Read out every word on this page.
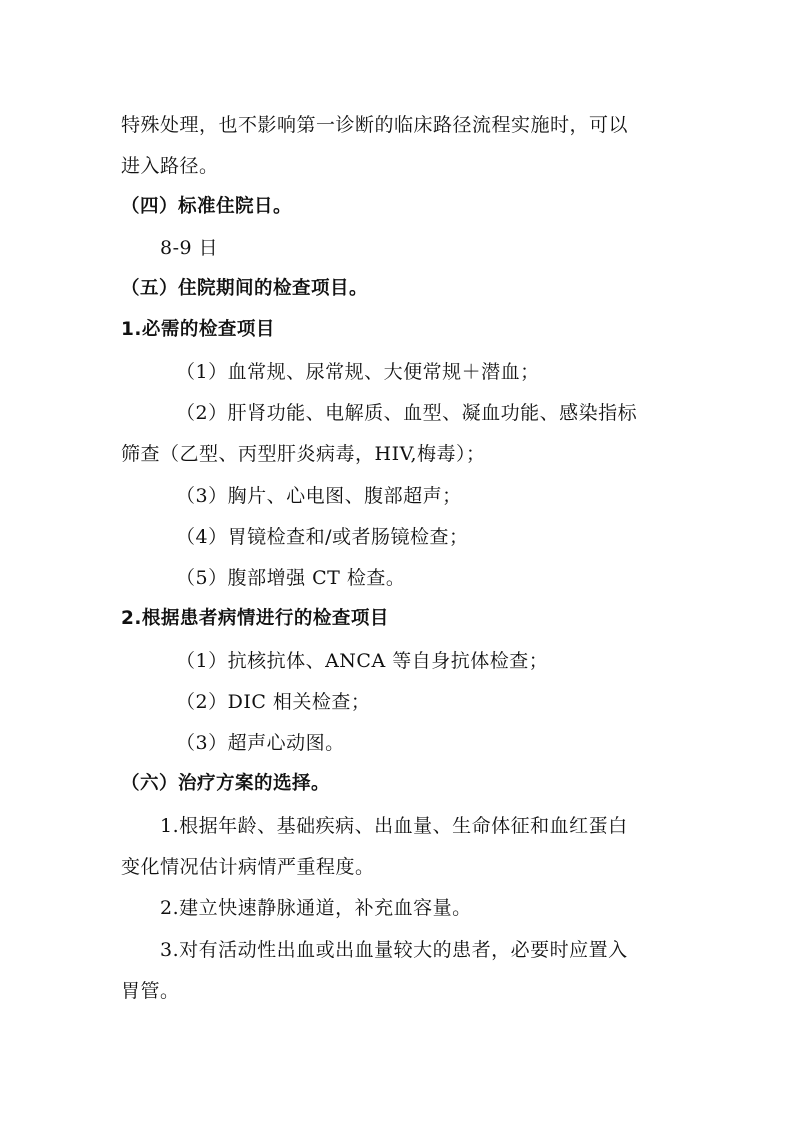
特殊处理，也不影响第一诊断的临床路径流程实施时，可以
进入路径。
（四）标准住院日。
8-9 日
（五）住院期间的检查项目。
1.必需的检查项目
（1）血常规、尿常规、大便常规＋潜血；
（2）肝肾功能、电解质、血型、凝血功能、感染指标
筛查（乙型、丙型肝炎病毒，HIV,梅毒）；
（3）胸片、心电图、腹部超声；
（4）胃镜检查和/或者肠镜检查；
（5）腹部增强 CT 检查。
2.根据患者病情进行的检查项目
（1）抗核抗体、ANCA 等自身抗体检查；
（2）DIC 相关检查；
（3）超声心动图。
（六）治疗方案的选择。
1.根据年龄、基础疾病、出血量、生命体征和血红蛋白
变化情况估计病情严重程度。
2.建立快速静脉通道，补充血容量。
3.对有活动性出血或出血量较大的患者，必要时应置入
胃管。
